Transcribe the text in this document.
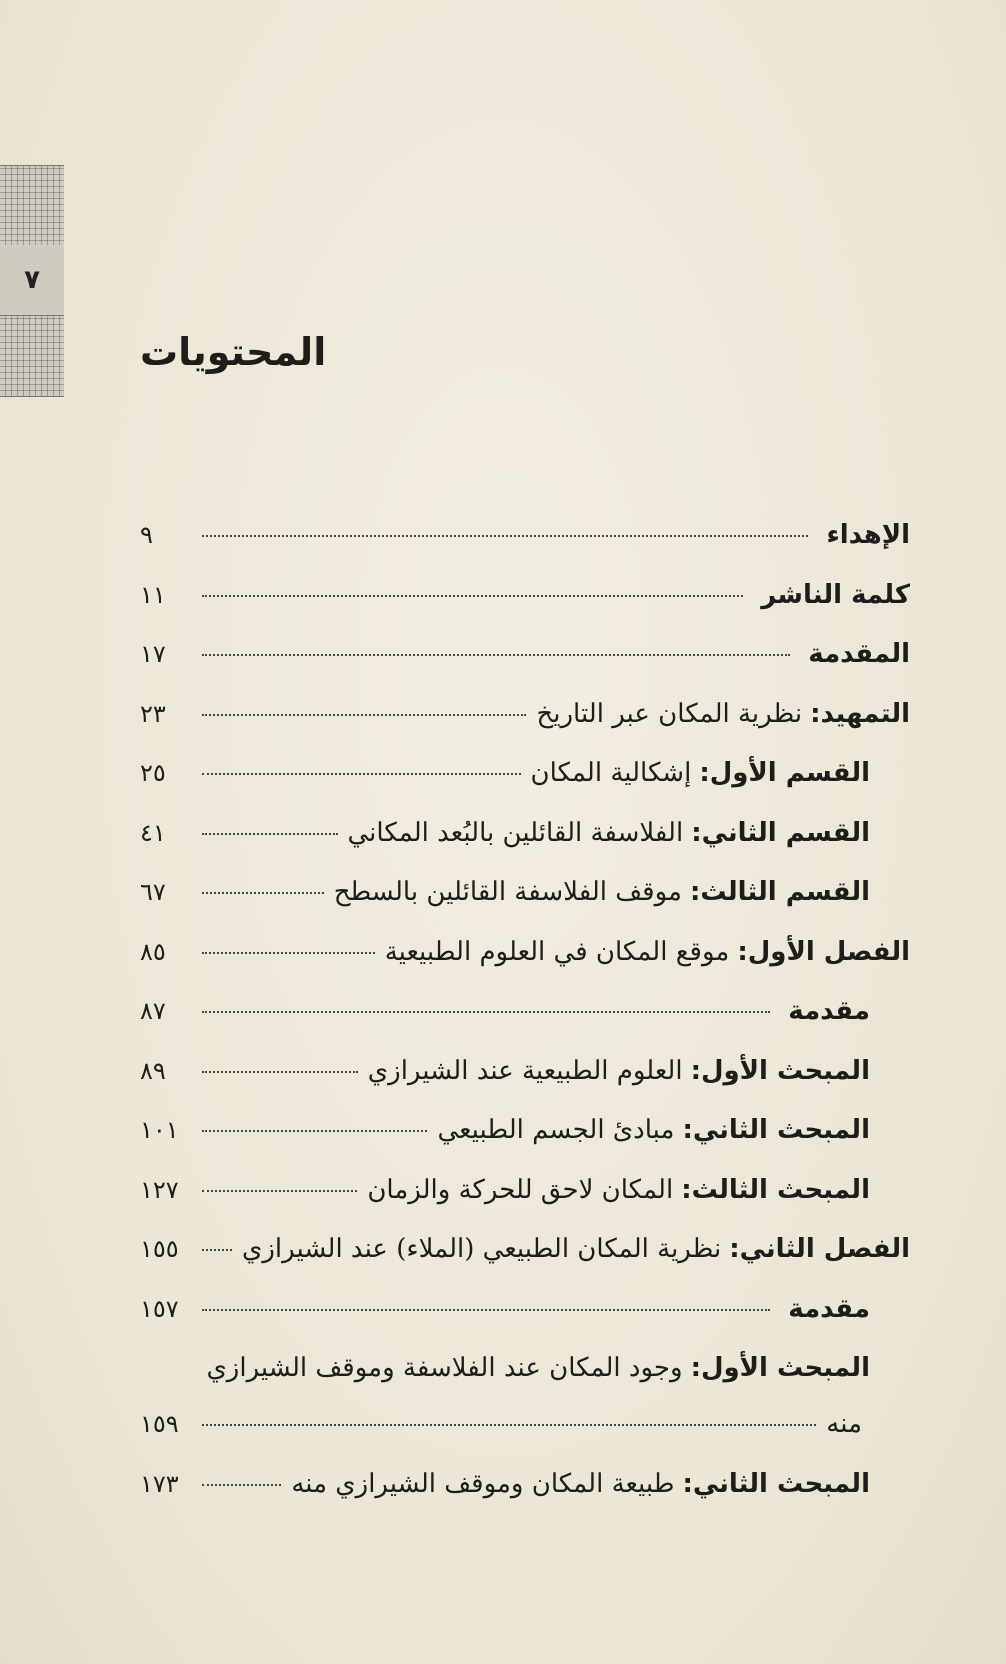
٧
المحتويات
الإهداء
٩
كلمة الناشر
١١
المقدمة
١٧
التمهيد:
نظرية المكان عبر التاريخ
٢٣
القسم الأول:
إشكالية المكان
٢٥
القسم الثاني:
الفلاسفة القائلين بالبُعد المكاني
٤١
القسم الثالث:
موقف الفلاسفة القائلين بالسطح
٦٧
الفصل الأول:
موقع المكان في العلوم الطبيعية
٨٥
مقدمة
٨٧
المبحث الأول:
العلوم الطبيعية عند الشيرازي
٨٩
المبحث الثاني:
مبادئ الجسم الطبيعي
١٠١
المبحث الثالث:
المكان لاحق للحركة والزمان
١٢٧
الفصل الثاني:
نظرية المكان الطبيعي (الملاء) عند الشيرازي
١٥٥
مقدمة
١٥٧
المبحث الأول:
وجود المكان عند الفلاسفة وموقف الشيرازي
منه
١٥٩
المبحث الثاني:
طبيعة المكان وموقف الشيرازي منه
١٧٣
